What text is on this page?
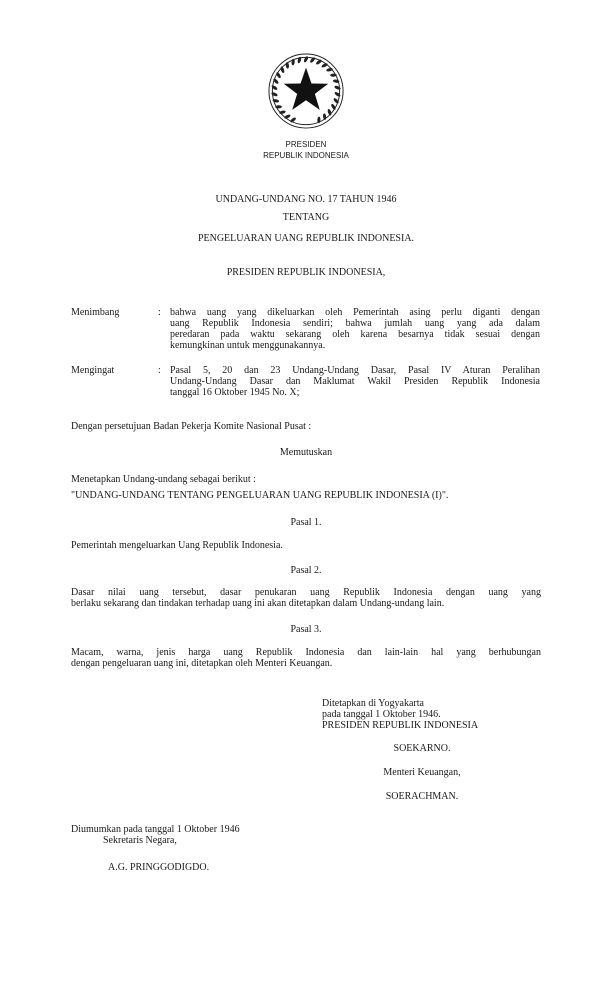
PRESIDEN
REPUBLIK INDONESIA
UNDANG-UNDANG NO. 17 TAHUN 1946
TENTANG
PENGELUARAN UANG REPUBLIK INDONESIA.
PRESIDEN REPUBLIK INDONESIA,
Menimbang	: bahwa uang yang dikeluarkan oleh Pemerintah asing perlu diganti dengan
uang Republik Indonesia sendiri; bahwa jumlah uang yang ada dalam
peredaran pada waktu sekarang oleh karena besarnya tidak sesuai dengan
kemungkinan untuk menggunakannya.
Mengingat	: Pasal 5, 20 dan 23 Undang-Undang Dasar, Pasal IV Aturan Peralihan
Undang-Undang Dasar dan Maklumat Wakil Presiden Republik Indonesia
tanggal 16 Oktober 1945 No. X;
Dengan persetujuan Badan Pekerja Komite Nasional Pusat :
Memutuskan
Menetapkan Undang-undang sebagai berikut :
"UNDANG-UNDANG TENTANG PENGELUARAN UANG REPUBLIK INDONESIA (I)".
Pasal 1.
Pemerintah mengeluarkan Uang Republik Indonesia.
Pasal 2.
Dasar nilai uang tersebut, dasar penukaran uang Republik Indonesia dengan uang yang
berlaku sekarang dan tindakan terhadap uang ini akan ditetapkan dalam Undang-undang lain.
Pasal 3.
Macam, warna, jenis harga uang Republik Indonesia dan lain-lain hal yang berhubungan
dengan pengeluaran uang ini, ditetapkan oleh Menteri Keuangan.
Ditetapkan di Yogyakarta
pada tanggal 1 Oktober 1946.
PRESIDEN REPUBLIK INDONESIA
SOEKARNO.
Menteri Keuangan,
SOERACHMAN.
Diumumkan pada tanggal 1 Oktober 1946
Sekretaris Negara,
A.G. PRINGGODIGDO.
